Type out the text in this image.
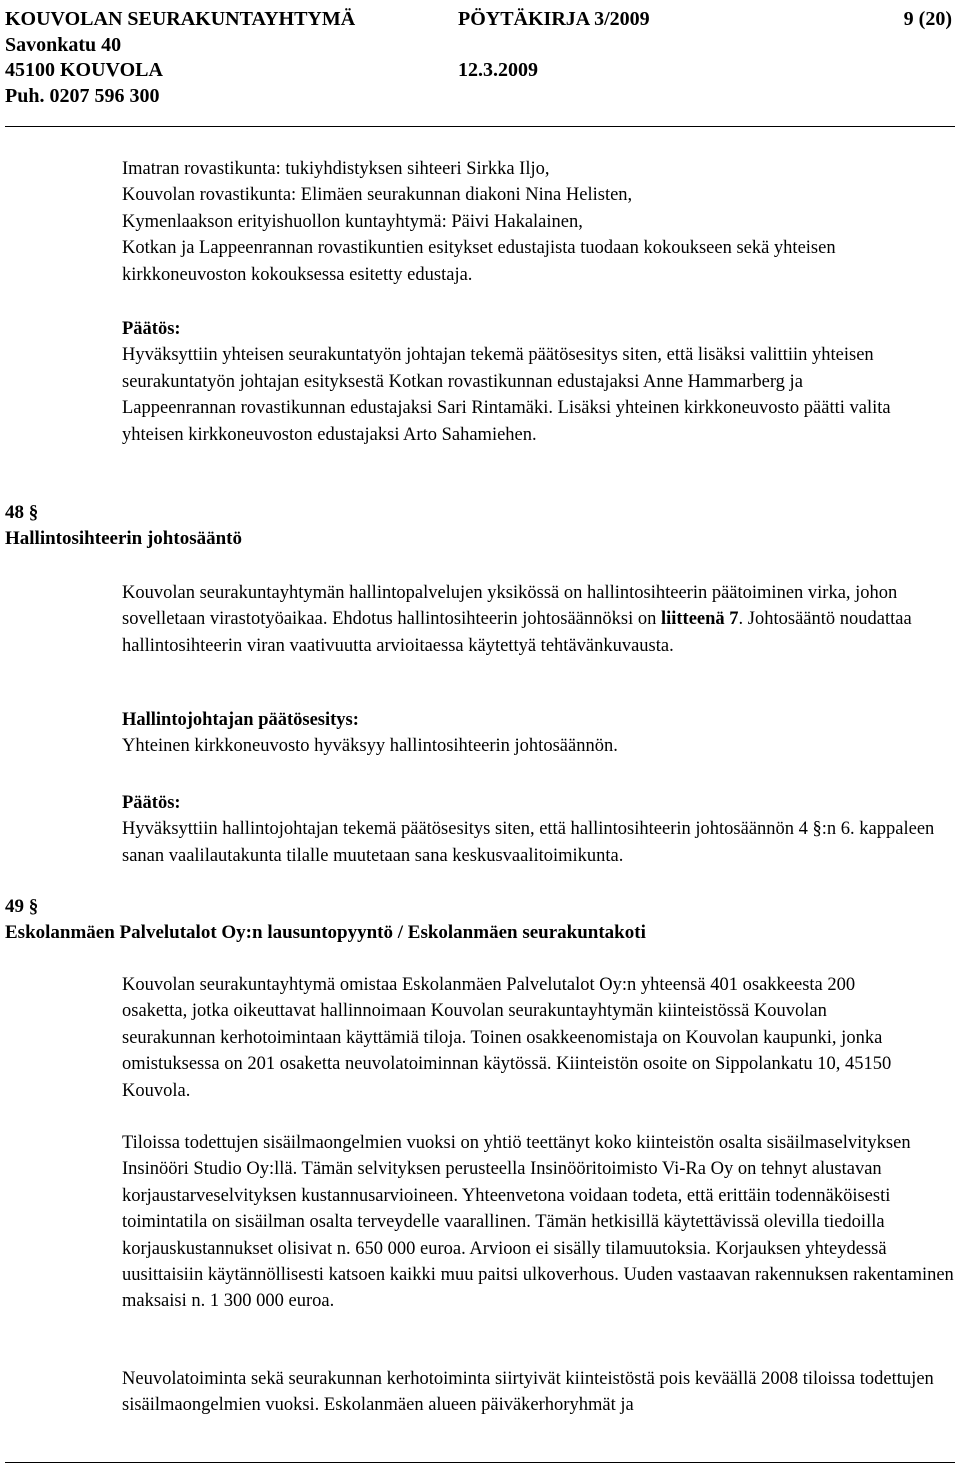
KOUVOLAN SEURAKUNTAYHTYMÄ	PÖYTÄKIRJA 3/2009	9 (20)
Savonkatu 40
45100 KOUVOLA	12.3.2009
Puh. 0207 596 300
Imatran rovastikunta: tukiyhdistyksen sihteeri Sirkka Iljo,
Kouvolan rovastikunta: Elimäen seurakunnan diakoni Nina Helisten,
Kymenlaakson erityishuollon kuntayhtymä: Päivi Hakalainen,
Kotkan ja Lappeenrannan rovastikuntien esitykset edustajista tuodaan kokoukseen sekä yhteisen kirkkoneuvoston kokouksessa esitetty edustaja.
Päätös:

Hyväksyttiin yhteisen seurakuntatyön johtajan tekemä päätösesitys siten, että lisäksi valittiin yhteisen seurakuntatyön johtajan esityksestä Kotkan rovastikunnan edustajaksi Anne Hammarberg ja Lappeenrannan rovastikunnan edustajaksi Sari Rintamäki. Lisäksi yhteinen kirkkoneuvosto päätti valita yhteisen kirkkoneuvoston edustajaksi Arto Sahamiehen.

48 §
Hallintosihteerin johtosääntö

Kouvolan seurakuntayhtymän hallintopalvelujen yksikössä on hallintosihteerin päätoiminen virka, johon sovelletaan virastotyöaikaa. Ehdotus hallintosihteerin johtosäännöksi on liitteenä 7. Johtosääntö noudattaa hallintosihteerin viran vaativuutta arvioitaessa käytettyä tehtävänkuvausta.

Hallintojohtajan päätösesitys:

Yhteinen kirkkoneuvosto hyväksyy hallintosihteerin johtosäännön.

Päätös:

Hyväksyttiin hallintojohtajan tekemä päätösesitys siten, että hallintosihteerin johtosäännön 4 §:n 6. kappaleen sanan vaalilautakunta tilalle muutetaan sana keskusvaalitoimikunta.

49 §
Eskolanmäen Palvelutalot Oy:n lausuntopyyntö / Eskolanmäen seurakuntakoti

Kouvolan seurakuntayhtymä omistaa Eskolanmäen Palvelutalot Oy:n yhteensä 401 osakkeesta 200 osaketta, jotka oikeuttavat hallinnoimaan Kouvolan seurakuntayhtymän kiinteistössä Kouvolan seurakunnan kerhotoimintaan käyttämiä tiloja. Toinen osakkeenomistaja on Kouvolan kaupunki, jonka omistuksessa on 201 osaketta neuvolatoiminnan käytössä. Kiinteistön osoite on Sippolankatu 10, 45150 Kouvola.

Tiloissa todettujen sisäilmaongelmien vuoksi on yhtiö teettänyt koko kiinteistön osalta sisäilmaselvityksen Insinööri Studio Oy:llä. Tämän selvityksen perusteella Insinööritoimisto Vi-Ra Oy on tehnyt alustavan korjaustarveselvityksen kustannusarvioineen. Yhteenvetona voidaan todeta, että erittäin todennäköisesti toimintatila on sisäilman osalta terveydelle vaarallinen. Tämän hetkisillä käytettävissä olevilla tiedoilla korjauskustannukset olisivat n. 650 000 euroa. Arvioon ei sisälly tilamuutoksia. Korjauksen yhteydessä uusittaisiin käytännöllisesti katsoen kaikki muu paitsi ulkoverhous. Uuden vastaavan rakennuksen rakentaminen maksaisi n. 1 300 000 euroa.

Neuvolatoiminta sekä seurakunnan kerhotoiminta siirtyivät kiinteistöstä pois keväällä 2008 tiloissa todettujen sisäilmaongelmien vuoksi. Eskolanmäen alueen päiväkerhoryhmät ja
